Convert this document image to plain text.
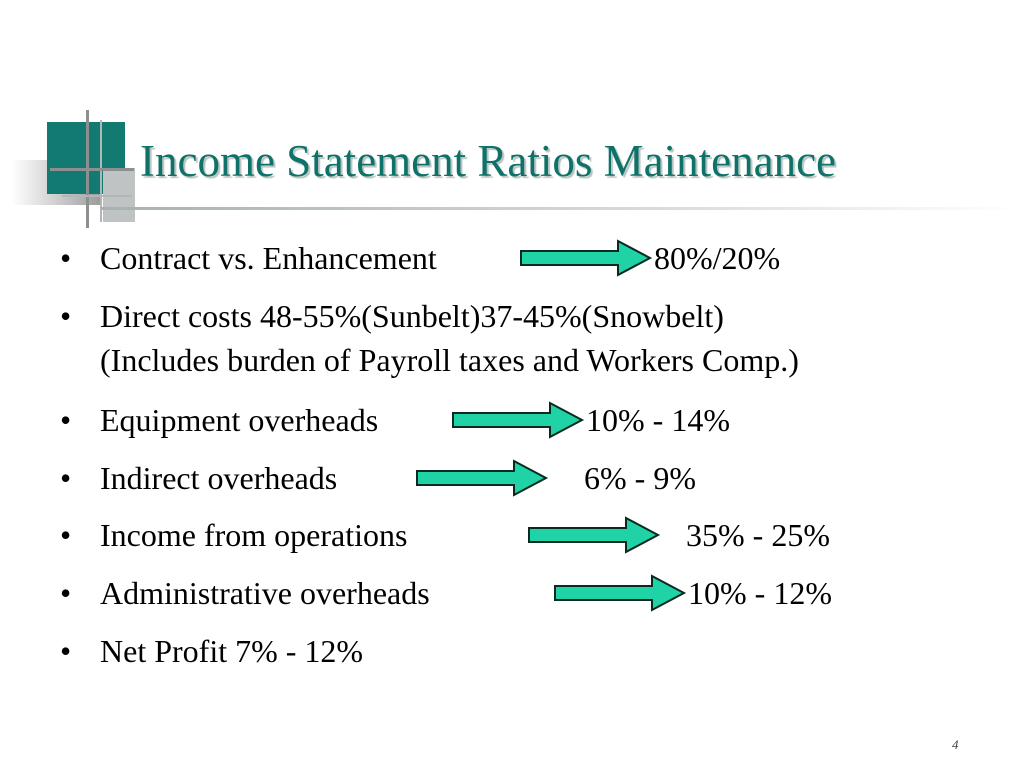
Income Statement Ratios Maintenance
• Contract vs. Enhancement	80%/20%
• Direct costs 48-55%(Sunbelt)37-45%(Snowbelt)
(Includes burden of Payroll taxes and Workers Comp.)
• Equipment overheads	10% - 14%
• Indirect overheads	6% - 9%
• Income from operations	35% - 25%
• Administrative overheads	10% - 12%
• Net Profit 7% - 12%
4
